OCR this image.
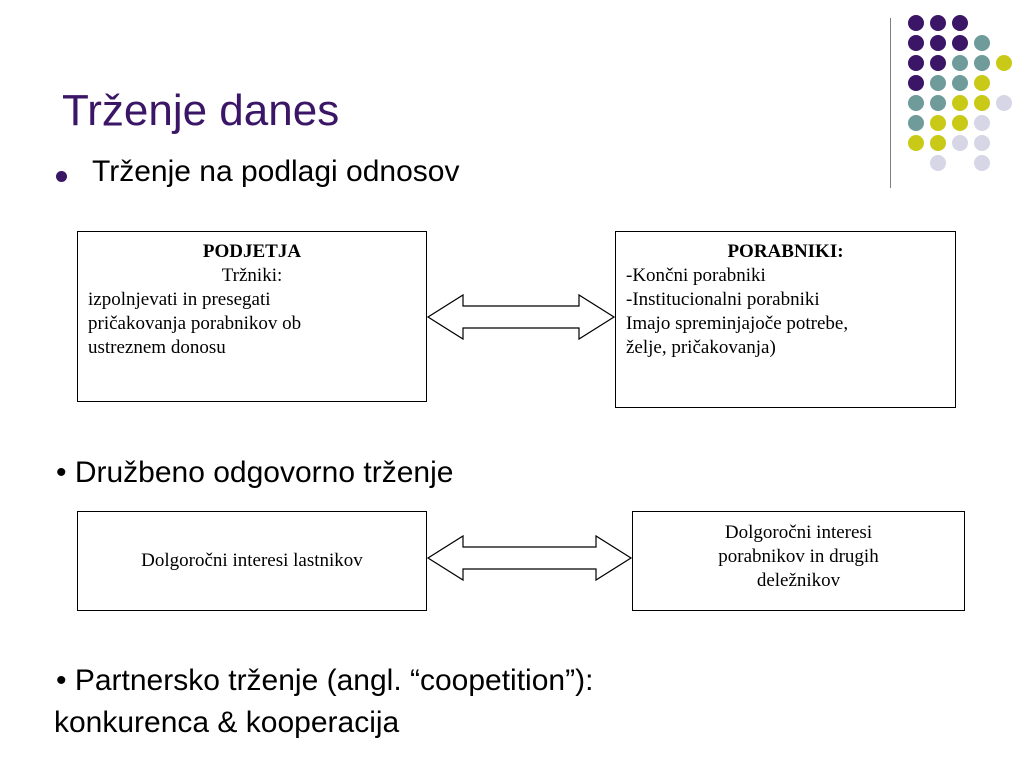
Trženje danes
Trženje na podlagi odnosov
PODJETJA
Tržniki:
izpolnjevati in presegati
pričakovanja porabnikov ob
ustreznem donosu
PORABNIKI:
-Končni porabniki
-Institucionalni porabniki
Imajo spreminjajoče potrebe,
želje, pričakovanja)
• Družbeno odgovorno trženje
Dolgoročni interesi lastnikov
Dolgoročni interesi
porabnikov in drugih
deležnikov
• Partnersko trženje (angl. “coopetition”):
konkurenca & kooperacija
